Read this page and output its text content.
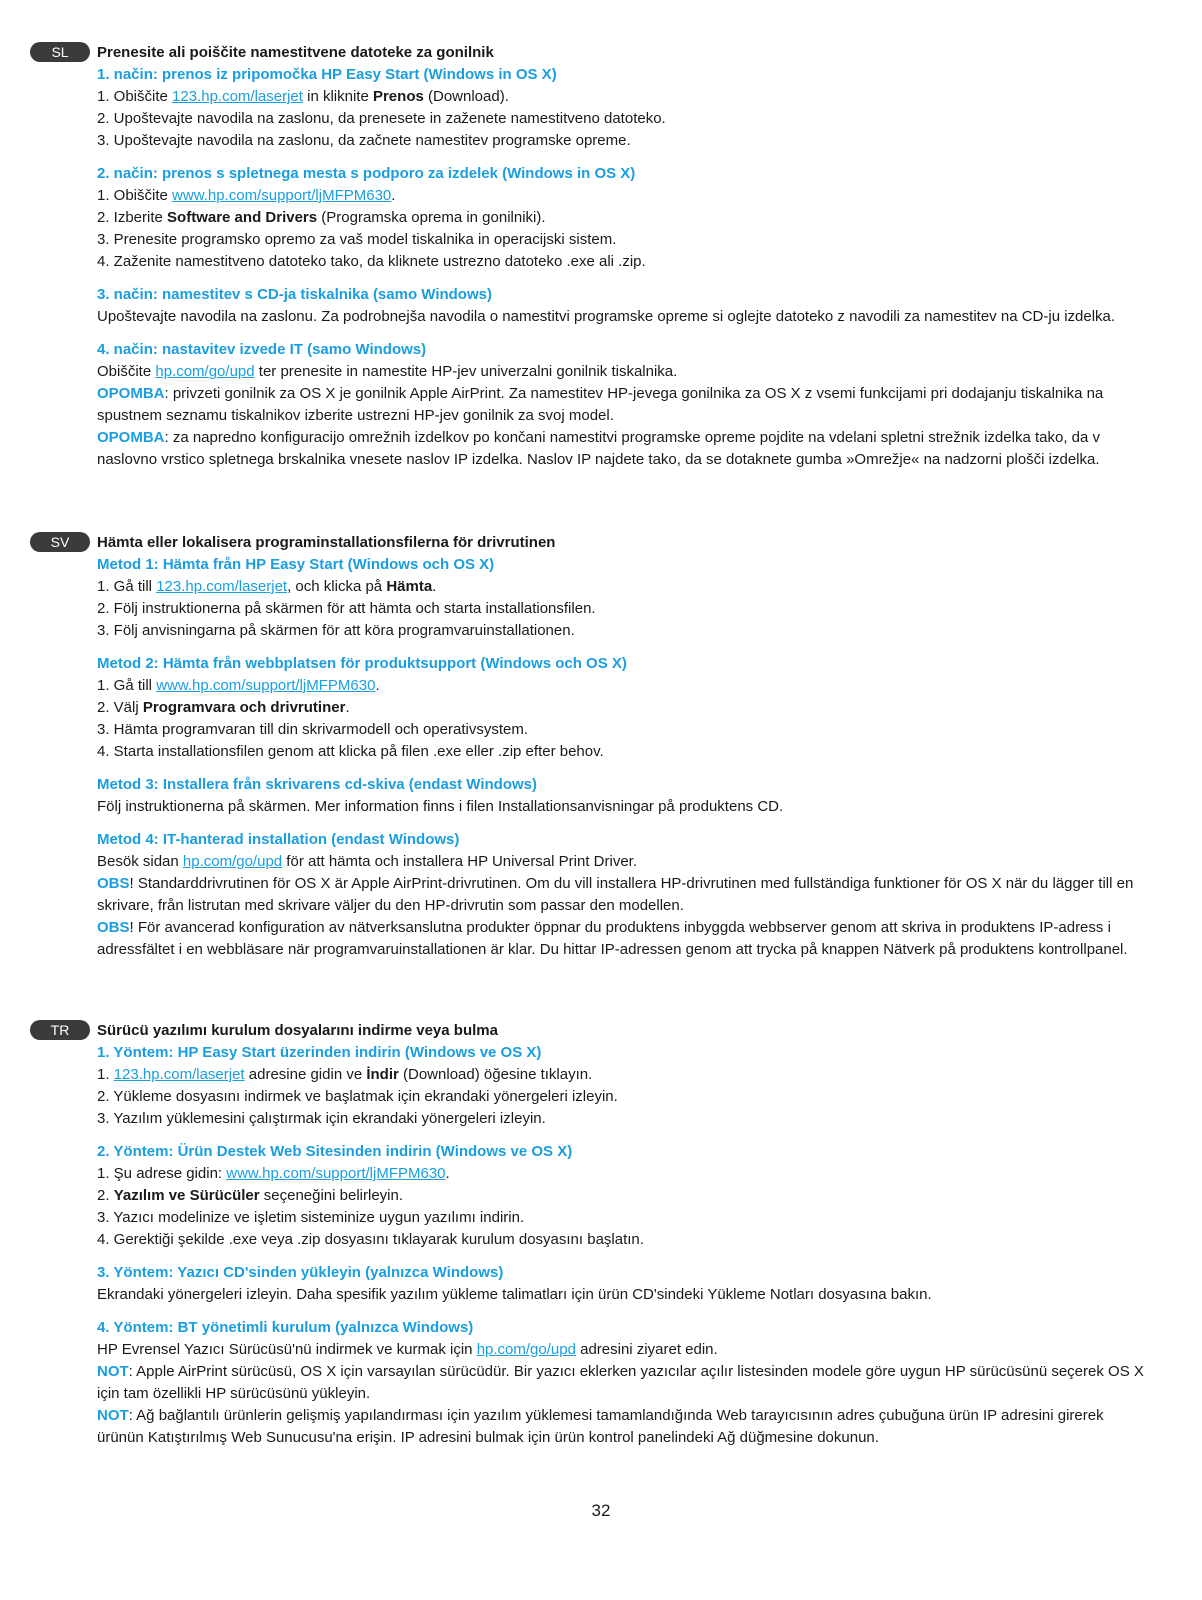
SL	Prenesite ali poiščite namestitvene datoteke za gonilnik

1. način: prenos iz pripomočka HP Easy Start (Windows in OS X)

1. Obiščite 123.hp.com/laserjet in kliknite Prenos (Download).

2. Upoštevajte navodila na zaslonu, da prenesete in zaženete namestitveno datoteko.

3. Upoštevajte navodila na zaslonu, da začnete namestitev programske opreme.

2. način: prenos s spletnega mesta s podporo za izdelek (Windows in OS X)

1. Obiščite www.hp.com/support/ljMFPM630.

2. Izberite Software and Drivers (Programska oprema in gonilniki).

3. Prenesite programsko opremo za vaš model tiskalnika in operacijski sistem.

4. Zaženite namestitveno datoteko tako, da kliknete ustrezno datoteko .exe ali .zip.

3. način: namestitev s CD-ja tiskalnika (samo Windows)

Upoštevajte navodila na zaslonu. Za podrobnejša navodila o namestitvi programske opreme si oglejte datoteko z navodili za namestitev na CD-ju izdelka.

4. način: nastavitev izvede IT (samo Windows)

Obiščite hp.com/go/upd ter prenesite in namestite HP-jev univerzalni gonilnik tiskalnika.

OPOMBA: privzeti gonilnik za OS X je gonilnik Apple AirPrint. Za namestitev HP-jevega gonilnika za OS X z vsemi funkcijami pri dodajanju tiskalnika na spustnem seznamu tiskalnikov izberite ustrezni HP-jev gonilnik za svoj model.

OPOMBA: za napredno konfiguracijo omrežnih izdelkov po končani namestitvi programske opreme pojdite na vdelani spletni strežnik izdelka tako, da v naslovno vrstico spletnega brskalnika vnesete naslov IP izdelka. Naslov IP najdete tako, da se dotaknete gumba »Omrežje« na nadzorni plošči izdelka.

SV	Hämta eller lokalisera programinstallationsfilerna för drivrutinen

Metod 1: Hämta från HP Easy Start (Windows och OS X)

1. Gå till 123.hp.com/laserjet, och klicka på Hämta.

2. Följ instruktionerna på skärmen för att hämta och starta installationsfilen.

3. Följ anvisningarna på skärmen för att köra programvaruinstallationen.

Metod 2: Hämta från webbplatsen för produktsupport (Windows och OS X)

1. Gå till www.hp.com/support/ljMFPM630.

2. Välj Programvara och drivrutiner.

3. Hämta programvaran till din skrivarmodell och operativsystem.

4. Starta installationsfilen genom att klicka på filen .exe eller .zip efter behov.

Metod 3: Installera från skrivarens cd-skiva (endast Windows)

Följ instruktionerna på skärmen. Mer information finns i filen Installationsanvisningar på produktens CD.

Metod 4: IT-hanterad installation (endast Windows)

Besök sidan hp.com/go/upd för att hämta och installera HP Universal Print Driver.

OBS! Standarddrivrutinen för OS X är Apple AirPrint-drivrutinen. Om du vill installera HP-drivrutinen med fullständiga funktioner för OS X när du lägger till en skrivare, från listrutan med skrivare väljer du den HP-drivrutin som passar den modellen.

OBS! För avancerad konfiguration av nätverksanslutna produkter öppnar du produktens inbyggda webbserver genom att skriva in produktens IP-adress i adressfältet i en webbläsare när programvaruinstallationen är klar. Du hittar IP-adressen genom att trycka på knappen Nätverk på produktens kontrollpanel.

TR	Sürücü yazılımı kurulum dosyalarını indirme veya bulma

1. Yöntem: HP Easy Start üzerinden indirin (Windows ve OS X)

1. 123.hp.com/laserjet adresine gidin ve İndir (Download) öğesine tıklayın.

2. Yükleme dosyasını indirmek ve başlatmak için ekrandaki yönergeleri izleyin.

3. Yazılım yüklemesini çalıştırmak için ekrandaki yönergeleri izleyin.

2. Yöntem: Ürün Destek Web Sitesinden indirin (Windows ve OS X)

1. Şu adrese gidin: www.hp.com/support/ljMFPM630.

2. Yazılım ve Sürücüler seçeneğini belirleyin.

3. Yazıcı modelinize ve işletim sisteminize uygun yazılımı indirin.

4. Gerektiği şekilde .exe veya .zip dosyasını tıklayarak kurulum dosyasını başlatın.

3. Yöntem: Yazıcı CD'sinden yükleyin (yalnızca Windows)

Ekrandaki yönergeleri izleyin. Daha spesifik yazılım yükleme talimatları için ürün CD'sindeki Yükleme Notları dosyasına bakın.

4. Yöntem: BT yönetimli kurulum (yalnızca Windows)

HP Evrensel Yazıcı Sürücüsü'nü indirmek ve kurmak için hp.com/go/upd adresini ziyaret edin.

NOT: Apple AirPrint sürücüsü, OS X için varsayılan sürücüdür. Bir yazıcı eklerken yazıcılar açılır listesinden modele göre uygun HP sürücüsünü seçerek OS X için tam özellikli HP sürücüsünü yükleyin.

NOT: Ağ bağlantılı ürünlerin gelişmiş yapılandırması için yazılım yüklemesi tamamlandığında Web tarayıcısının adres çubuğuna ürün IP adresini girerek ürünün Katıştırılmış Web Sunucusu'na erişin. IP adresini bulmak için ürün kontrol panelindeki Ağ düğmesine dokunun.

32
